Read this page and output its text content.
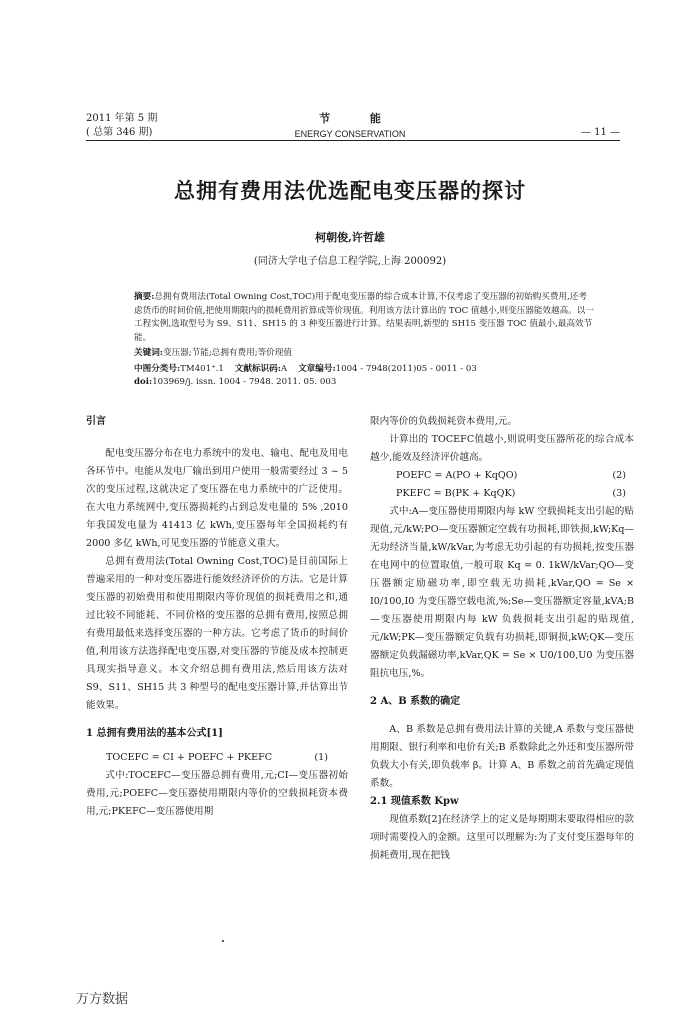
2011 年第 5 期
( 总第 346 期)
节 能
ENERGY CONSERVATION	— 11 —
总拥有费用法优选配电变压器的探讨
柯朝俊,许哲雄
(同济大学电子信息工程学院,上海 200092)
摘要:总拥有费用法(Total Owning Cost,TOC)用于配电变压器的综合成本计算,不仅考虑了变压器的初始购买费用,还考虑货币的时间价值,把使用期限内的损耗费用折算成等价现值。利用该方法计算出的 TOC 值越小,则变压器能效越高。以一工程实例,选取型号为 S9、S11、SH15 的 3 种变压器进行计算。结果表明,新型的 SH15 变压器 TOC 值最小,最高效节能。
关键词:变压器;节能;总拥有费用;等价现值
中图分类号:TM401⁺.1 文献标识码:A 文章编号:1004 - 7948(2011)05 - 0011 - 03
doi:103969/j. issn. 1004 - 7948. 2011. 05. 003

引言

配电变压器分布在电力系统中的发电、输电、配电及用电各环节中。电能从发电厂输出到用户使用一般需要经过 3 ~ 5 次的变压过程,这就决定了变压器在电力系统中的广泛使用。在大电力系统网中,变压器损耗约占到总发电量的 5% ,2010 年我国发电量为 41413 亿 kWh,变压器每年全国损耗约有 2000 多亿 kWh,可见变压器的节能意义重大。

总拥有费用法(Total Owning Cost,TOC)是目前国际上普遍采用的一种对变压器进行能效经济评价的方法。它是计算变压器的初始费用和使用期限内等价现值的损耗费用之和,通过比较不同能耗、不同价格的变压器的总拥有费用,按照总拥有费用最低来选择变压器的一种方法。它考虑了货币的时间价值,利用该方法选择配电变压器,对变压器的节能及成本控制更具现实指导意义。本文介绍总拥有费用法,然后用该方法对 S9、S11、SH15 共 3 种型号的配电变压器计算,并估算出节能效果。

1 总拥有费用法的基本公式[1]

TOCEFC = CI + POEFC + PKEFC	(1)

式中:TOCEFC—变压器总拥有费用,元;CI—变压器初始费用,元;POEFC—变压器使用期限内等价的空载损耗资本费用,元;PKEFC—变压器使用期

限内等价的负载损耗资本费用,元。

计算出的 TOCEFC值越小,则说明变压器所花的综合成本越少,能效及经济评价越高。

POEFC = A(PO + KqQO)	(2)
PKEFC = B(PK + KqQK)	(3)

式中:A—变压器使用期限内每 kW 空载损耗支出引起的贴现值,元/kW;PO—变压器额定空载有功损耗,即铁损,kW;Kq—无功经济当量,kW/kVar,为考虑无功引起的有功损耗,按变压器在电网中的位置取值,一般可取 Kq = 0. 1kW/kVar;QO—变压器额定励磁功率,即空载无功损耗,kVar,QO = Se × I0/100,I0 为变压器空载电流,%;Se—变压器额定容量,kVA;B—变压器使用期限内每 kW 负载损耗支出引起的贴现值,元/kW;PK—变压器额定负载有功损耗,即铜损,kW;QK—变压器额定负载漏磁功率,kVar,QK = Se × U0/100,U0 为变压器阻抗电压,%。

2 A、B 系数的确定

A、B 系数是总拥有费用法计算的关键,A 系数与变压器使用期限、银行利率和电价有关;B 系数除此之外还和变压器所带负载大小有关,即负载率 β。计算 A、B 系数之前首先确定现值系数。

2.1 现值系数 Kpw

现值系数[2]在经济学上的定义是每期期末要取得相应的款项时需要投入的金额。这里可以理解为:为了支付变压器每年的损耗费用,现在把钱

万方数据
